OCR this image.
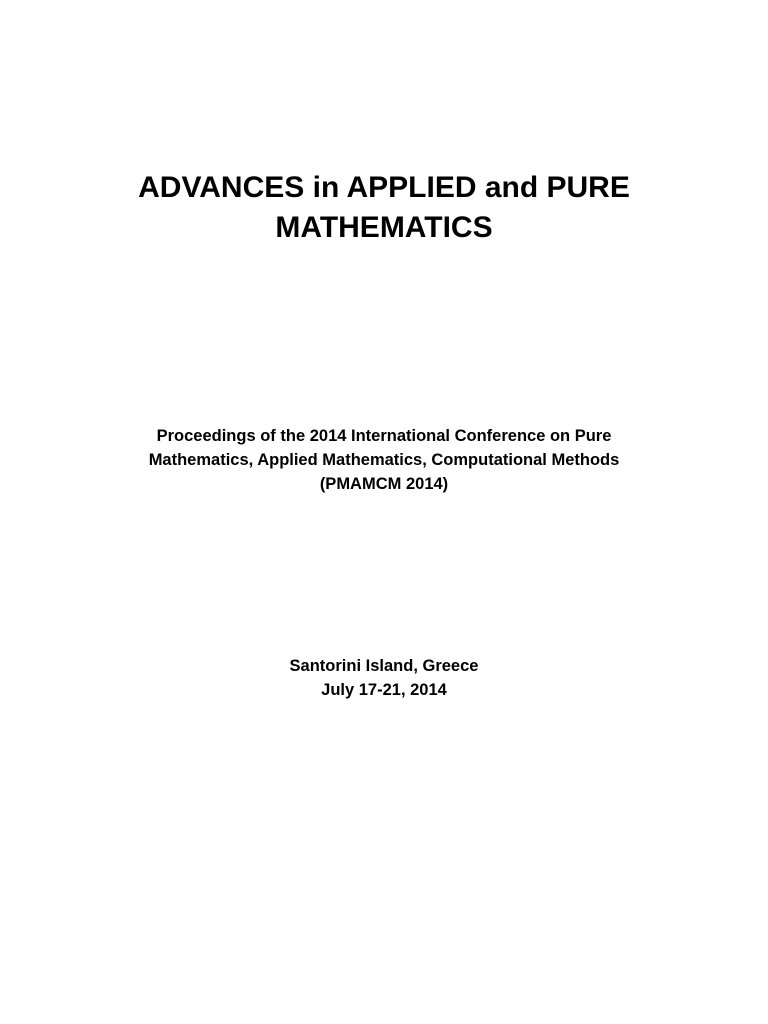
ADVANCES in APPLIED and PURE
MATHEMATICS
Proceedings of the 2014 International Conference on Pure
Mathematics, Applied Mathematics, Computational Methods
(PMAMCM 2014)
Santorini Island, Greece
July 17-21, 2014
